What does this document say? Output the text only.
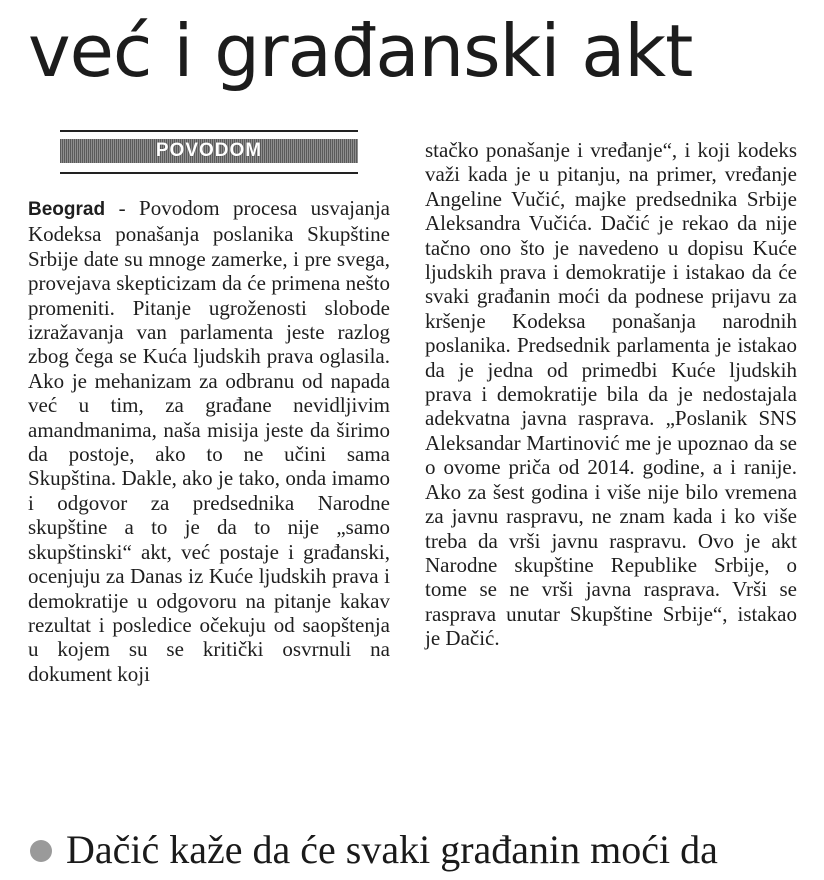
već i građanski akt
POVODOM

Beograd - Povodom procesa usvajanja Kodeksa ponašanja poslanika Skupštine Srbije date su mnoge zamerke, i pre svega, provejava skepticizam da će primena nešto promeniti. Pitanje ugroženosti slobode izražavanja van parlamenta jeste razlog zbog čega se Kuća ljudskih prava oglasila. Ako je mehanizam za odbranu od napada već u tim, za građane nevidljivim amandmanima, naša misija jeste da širimo da postoje, ako to ne učini sama Skupština. Dakle, ako je tako, onda imamo i odgovor za predsednika Narodne skupštine a to je da to nije „samo skupštinski“ akt, već postaje i građanski, ocenjuju za Danas iz Kuće ljudskih prava i demokratije u odgovoru na pitanje kakav rezultat i posledice očekuju od saopštenja u kojem su se kritički osvrnuli na dokument koji

stačko ponašanje i vređanje“, i koji kodeks važi kada je u pitanju, na primer, vređanje Angeline Vučić, majke predsednika Srbije Aleksandra Vučića. Dačić je rekao da nije tačno ono što je navedeno u dopisu Kuće ljudskih prava i demokratije i istakao da će svaki građanin moći da podnese prijavu za kršenje Kodeksa ponašanja narodnih poslanika. Predsednik parlamenta je istakao da je jedna od primedbi Kuće ljudskih prava i demokratije bila da je nedostajala adekvatna javna rasprava. „Poslanik SNS Aleksandar Martinović me je upoznao da se o ovome priča od 2014. godine, a i ranije. Ako za šest godina i više nije bilo vremena za javnu raspravu, ne znam kada i ko više treba da vrši javnu raspravu. Ovo je akt Narodne skupštine Republike Srbije, o tome se ne vrši javna rasprava. Vrši se rasprava unutar Skupštine Srbije“, istakao je Dačić.

Dačić kaže da će svaki građanin moći da
